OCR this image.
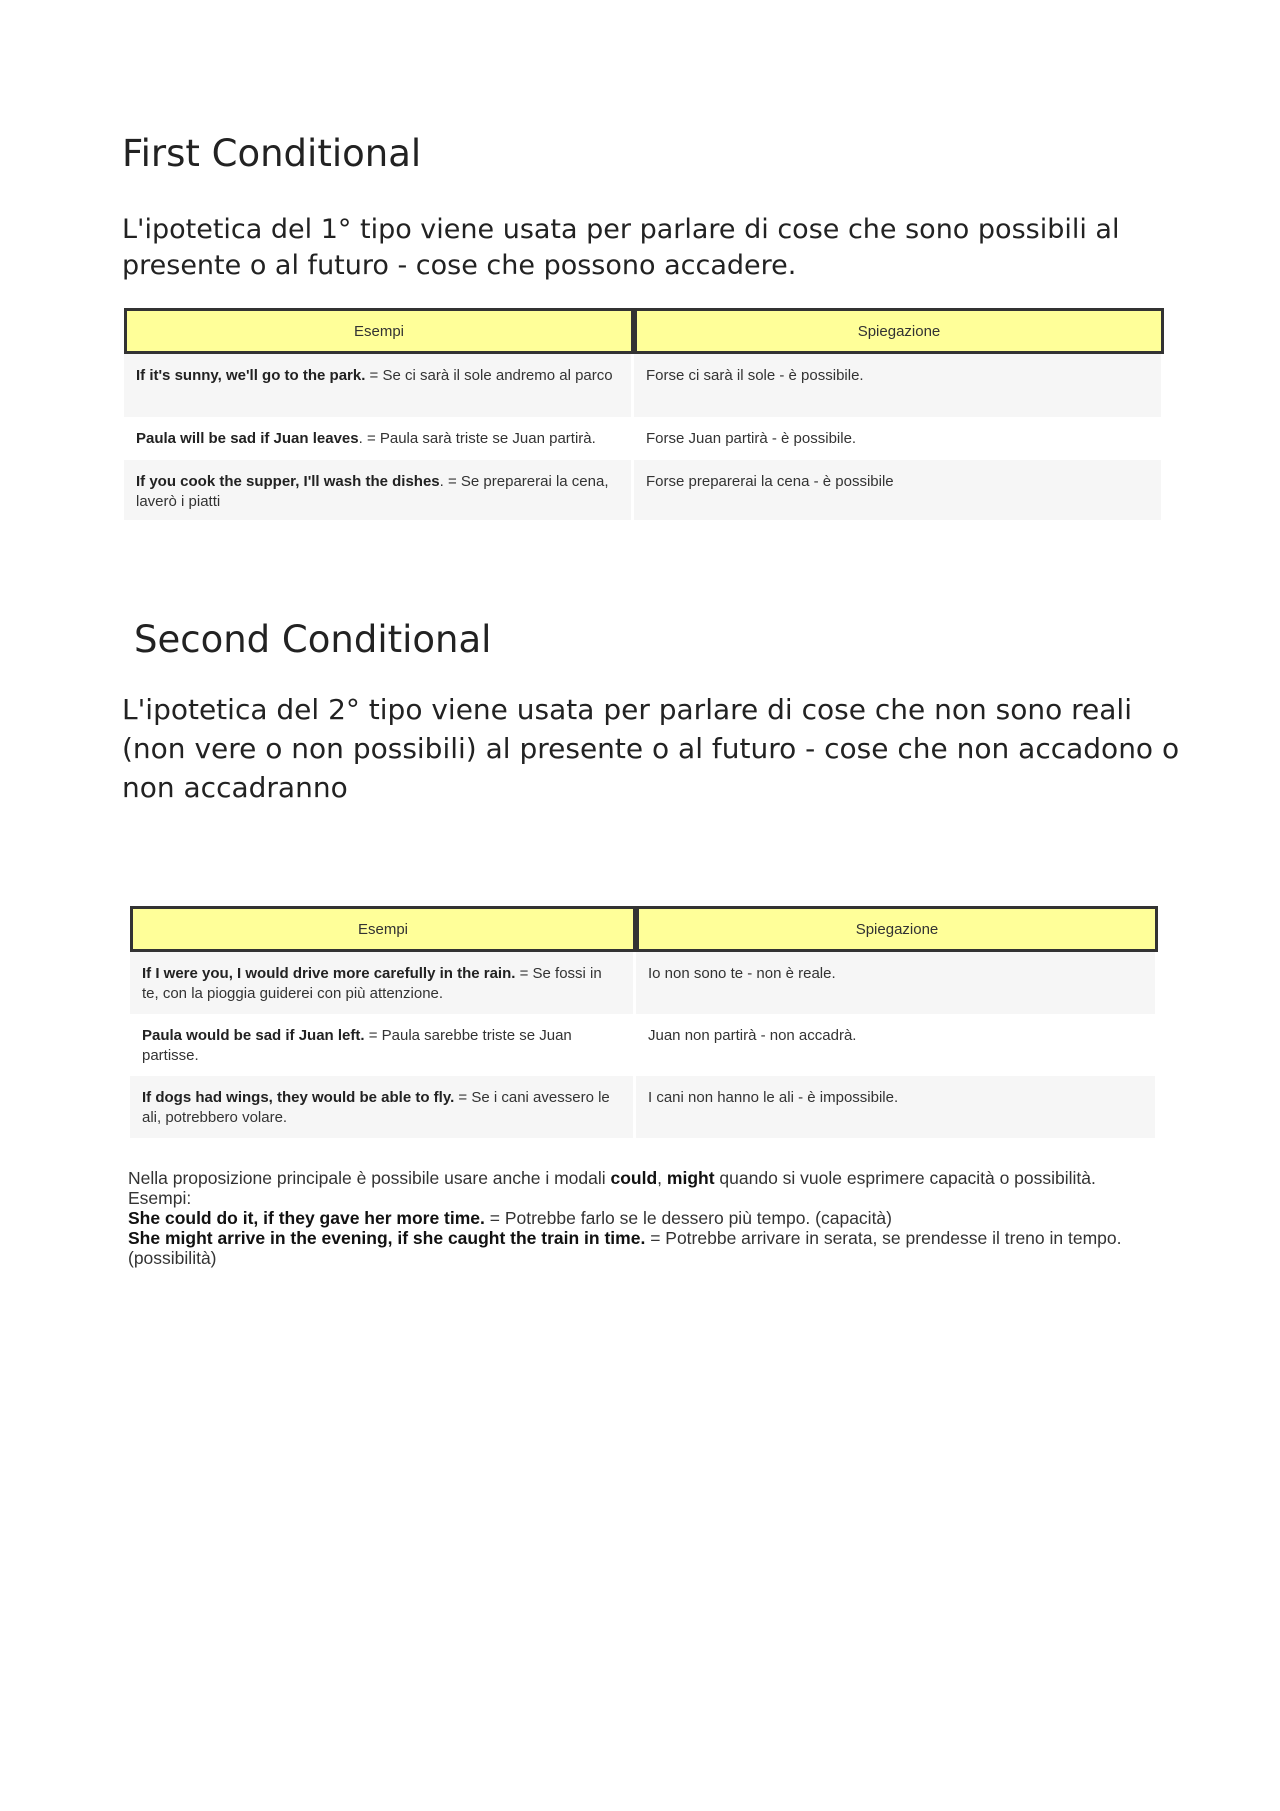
First Conditional

L'ipotetica del 1° tipo viene usata per parlare di cose che sono possibili al
presente o al futuro - cose che possono accadere.

Esempi	Spiegazione
If it's sunny, we'll go to the park. = Se ci sarà il sole andremo al parco	Forse ci sarà il sole - è possibile.
Paula will be sad if Juan leaves. = Paula sarà triste se Juan partirà.	Forse Juan partirà - è possibile.
If you cook the supper, I'll wash the dishes. = Se preparerai la cena, laverò i piatti	Forse preparerai la cena - è possibile
Second Conditional

L'ipotetica del 2° tipo viene usata per parlare di cose che non sono reali
(non vere o non possibili) al presente o al futuro - cose che non accadono o
non accadranno

Esempi	Spiegazione
If I were you, I would drive more carefully in the rain. = Se fossi in te, con la pioggia guiderei con più attenzione.	Io non sono te - non è reale.
Paula would be sad if Juan left. = Paula sarebbe triste se Juan partisse.	Juan non partirà - non accadrà.
If dogs had wings, they would be able to fly. = Se i cani avessero le ali, potrebbero volare.	I cani non hanno le ali - è impossibile.
Nella proposizione principale è possibile usare anche i modali could, might quando si vuole esprimere capacità o possibilità.
Esempi:
She could do it, if they gave her more time. = Potrebbe farlo se le dessero più tempo. (capacità)
She might arrive in the evening, if she caught the train in time. = Potrebbe arrivare in serata, se prendesse il treno in tempo. (possibilità)
